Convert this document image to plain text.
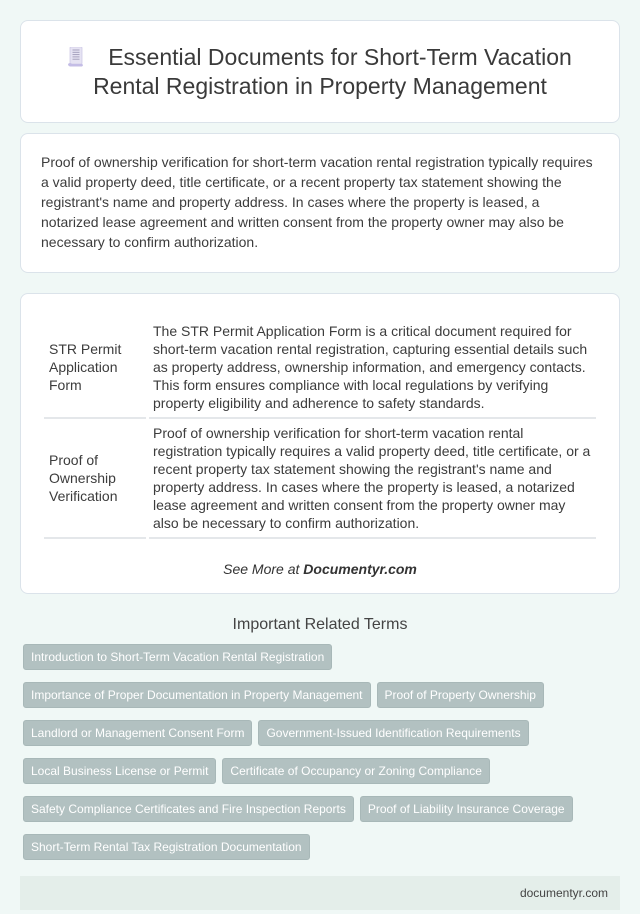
Essential Documents for Short-Term Vacation Rental Registration in Property Management

Proof of ownership verification for short-term vacation rental registration typically requires a valid property deed, title certificate, or a recent property tax statement showing the registrant's name and property address. In cases where the property is leased, a notarized lease agreement and written consent from the property owner may also be necessary to confirm authorization.

STR Permit Application Form	The STR Permit Application Form is a critical document required for short-term vacation rental registration, capturing essential details such as property address, ownership information, and emergency contacts. This form ensures compliance with local regulations by verifying property eligibility and adherence to safety standards.
Proof of Ownership Verification	Proof of ownership verification for short-term vacation rental registration typically requires a valid property deed, title certificate, or a recent property tax statement showing the registrant's name and property address. In cases where the property is leased, a notarized lease agreement and written consent from the property owner may also be necessary to confirm authorization.
See More at Documentyr.com
Important Related Terms
Introduction to Short-Term Vacation Rental Registration
Importance of Proper Documentation in Property Management	Proof of Property Ownership
Landlord or Management Consent Form	Government-Issued Identification Requirements
Local Business License or Permit	Certificate of Occupancy or Zoning Compliance
Safety Compliance Certificates and Fire Inspection Reports	Proof of Liability Insurance Coverage
Short-Term Rental Tax Registration Documentation
documentyr.com
